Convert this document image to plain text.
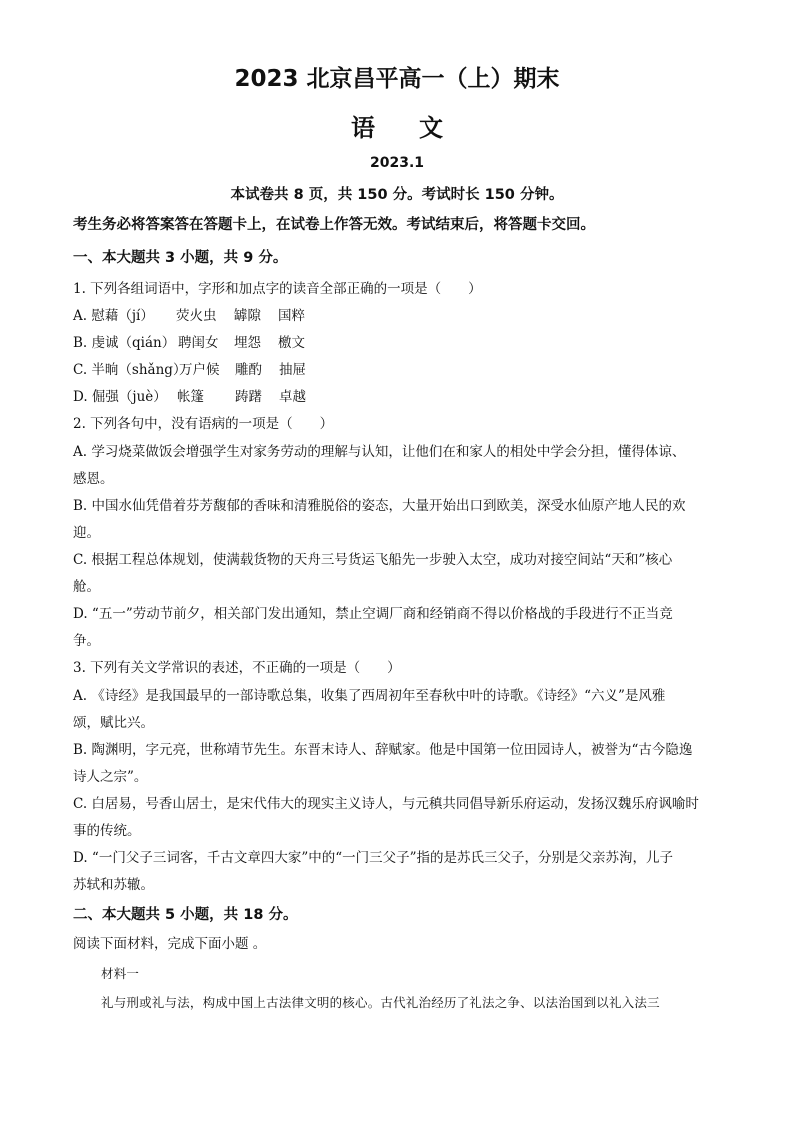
2023 北京昌平高一（上）期末
语文
2023.1
本试卷共 8 页，共 150 分。考试时长 150 分钟。
考生务必将答案答在答题卡上，在试卷上作答无效。考试结束后，将答题卡交回。
一、本大题共 3 小题，共 9 分。
1. 下列各组词语中，字形和加点字的读音全部正确的一项是（　　）
A. 慰藉（jí） 荧火虫 罅隙 国粹
B. 虔诚（qián） 聘闺女 埋怨 檄文
C. 半晌（shǎng）万户候 雕酌 抽屉
D. 倔强（juè） 帐篷 踌躇 卓越
2. 下列各句中，没有语病的一项是（　　）
A. 学习烧菜做饭会增强学生对家务劳动的理解与认知，让他们在和家人的相处中学会分担，懂得体谅、
感恩。
B. 中国水仙凭借着芬芳馥郁的香味和清雅脱俗的姿态，大量开始出口到欧美，深受水仙原产地人民的欢
迎。
C. 根据工程总体规划，使满载货物的天舟三号货运飞船先一步驶入太空，成功对接空间站“天和”核心
舱。
D. “五一”劳动节前夕，相关部门发出通知，禁止空调厂商和经销商不得以价格战的手段进行不正当竞
争。
3. 下列有关文学常识的表述，不正确的一项是（　　）
A. 《诗经》是我国最早的一部诗歌总集，收集了西周初年至春秋中叶的诗歌。《诗经》“六义”是风雅
颂，赋比兴。
B. 陶渊明，字元亮，世称靖节先生。东晋末诗人、辞赋家。他是中国第一位田园诗人，被誉为“古今隐逸
诗人之宗”。
C. 白居易，号香山居士，是宋代伟大的现实主义诗人，与元稹共同倡导新乐府运动，发扬汉魏乐府讽喻时
事的传统。
D. “一门父子三词客，千古文章四大家”中的“一门三父子”指的是苏氏三父子，分别是父亲苏洵，儿子
苏轼和苏辙。
二、本大题共 5 小题，共 18 分。
阅读下面材料，完成下面小题 。
材料一
礼与刑或礼与法，构成中国上古法律文明的核心。古代礼治经历了礼法之争、以法治国到以礼入法三
